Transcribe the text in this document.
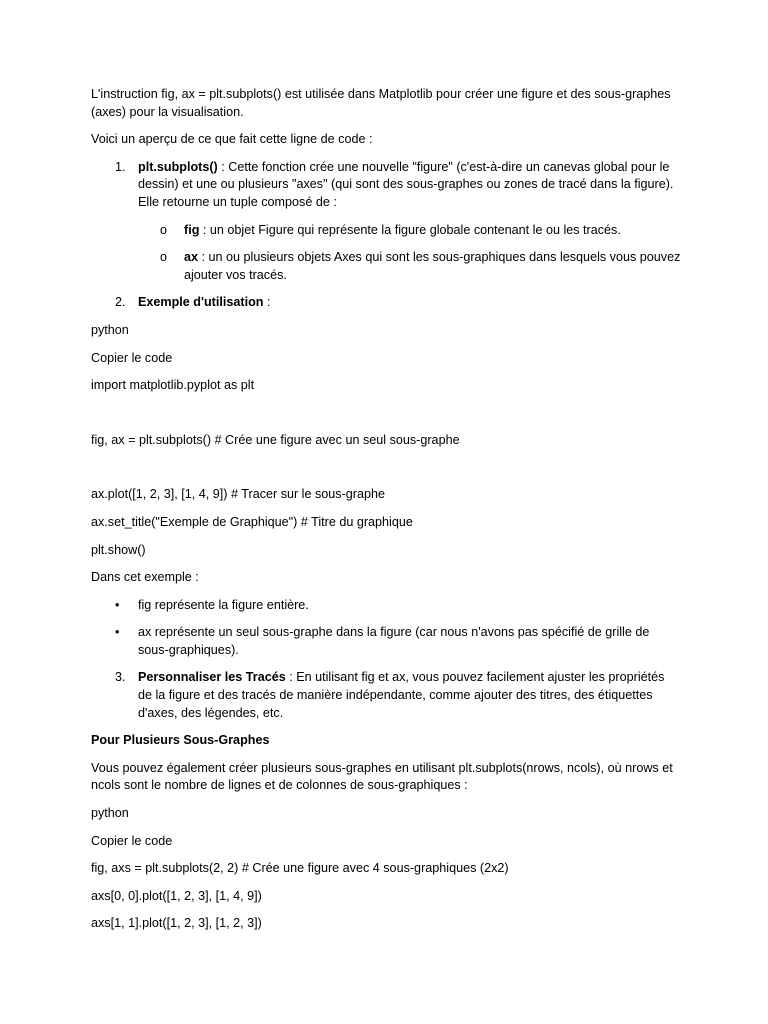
L'instruction fig, ax = plt.subplots() est utilisée dans Matplotlib pour créer une figure et des sous-graphes (axes) pour la visualisation.

Voici un aperçu de ce que fait cette ligne de code :

1. plt.subplots() : Cette fonction crée une nouvelle "figure" (c'est-à-dire un canevas global pour le dessin) et une ou plusieurs "axes" (qui sont des sous-graphes ou zones de tracé dans la figure). Elle retourne un tuple composé de :
o fig : un objet Figure qui représente la figure globale contenant le ou les tracés.
o ax : un ou plusieurs objets Axes qui sont les sous-graphiques dans lesquels vous pouvez ajouter vos tracés.
2. Exemple d'utilisation :

python

Copier le code

import matplotlib.pyplot as plt

fig, ax = plt.subplots() # Crée une figure avec un seul sous-graphe

ax.plot([1, 2, 3], [1, 4, 9]) # Tracer sur le sous-graphe

ax.set_title("Exemple de Graphique") # Titre du graphique

plt.show()

Dans cet exemple :

• fig représente la figure entière.
• ax représente un seul sous-graphe dans la figure (car nous n'avons pas spécifié de grille de sous-graphiques).
3. Personnaliser les Tracés : En utilisant fig et ax, vous pouvez facilement ajuster les propriétés de la figure et des tracés de manière indépendante, comme ajouter des titres, des étiquettes d'axes, des légendes, etc.

Pour Plusieurs Sous-Graphes

Vous pouvez également créer plusieurs sous-graphes en utilisant plt.subplots(nrows, ncols), où nrows et ncols sont le nombre de lignes et de colonnes de sous-graphiques :

python

Copier le code

fig, axs = plt.subplots(2, 2) # Crée une figure avec 4 sous-graphiques (2x2)

axs[0, 0].plot([1, 2, 3], [1, 4, 9])

axs[1, 1].plot([1, 2, 3], [1, 2, 3])
